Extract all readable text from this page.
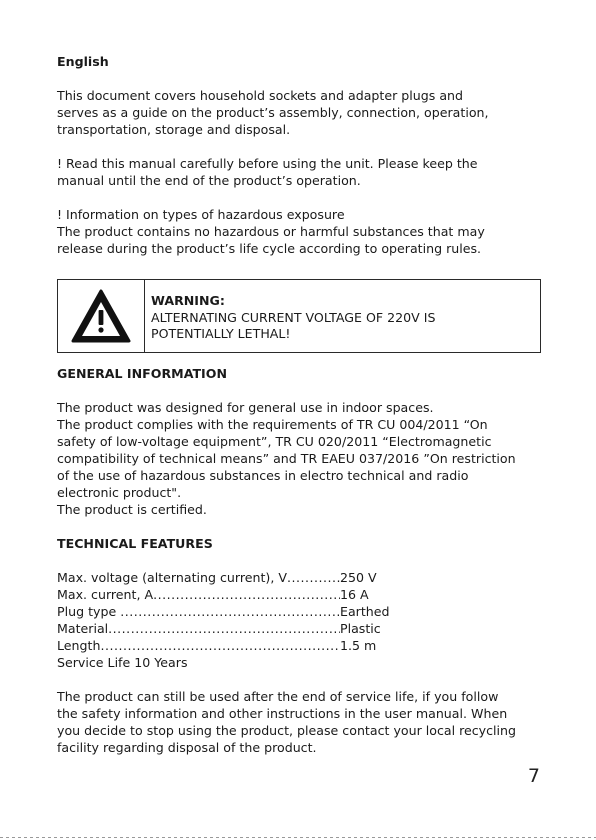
English

This document covers household sockets and adapter plugs and
serves as a guide on the product’s assembly, connection, operation,
transportation, storage and disposal.

! Read this manual carefully before using the unit. Please keep the
manual until the end of the product’s operation.

! Information on types of hazardous exposure

The product contains no hazardous or harmful substances that may
release during the product’s life cycle according to operating rules.

WARNING:

ALTERNATING CURRENT VOLTAGE OF 220V IS
POTENTIALLY LETHAL!

GENERAL INFORMATION

The product was designed for general use in indoor spaces.
The product complies with the requirements of TR CU 004/2011 “On
safety of low-voltage equipment”, TR CU 020/2011 “Electromagnetic
compatibility of technical means” and TR EAEU 037/2016 ”On restriction
of the use of hazardous substances in electro technical and radio
electronic product".
The product is certified.

TECHNICAL FEATURES

Max. voltage (alternating current), V .....	250 V
Max. current, A .....	16 A
Plug type .....	Earthed
Material .....	Plastic
Length .....	1.5 m

Service Life 10 Years

The product can still be used after the end of service life, if you follow
the safety information and other instructions in the user manual. When
you decide to stop using the product, please contact your local recycling
facility regarding disposal of the product.

7
